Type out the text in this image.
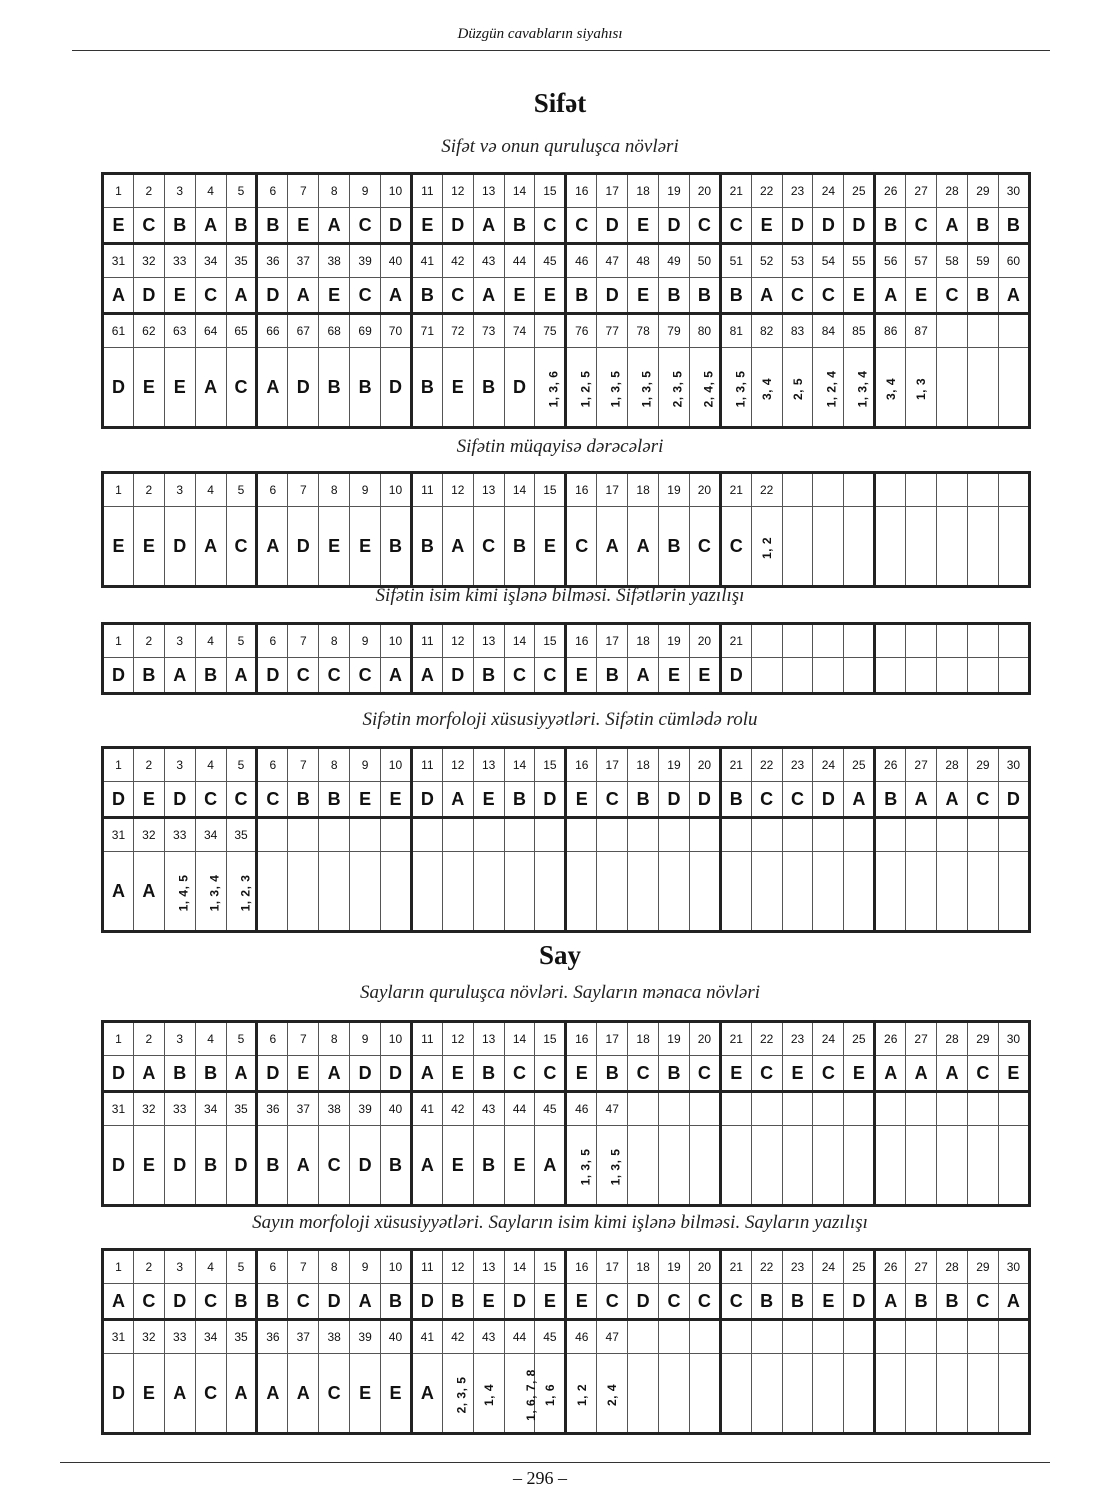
Düzgün cavabların siyahısı
Sifət
Sifət və onun quruluşca növləri
1	2	3	4	5	6	7	8	9	10	11	12	13	14	15	16	17	18	19	20	21	22	23	24	25	26	27	28	29	30
E	C	B	A	B	B	E	A	C	D	E	D	A	B	C	C	D	E	D	C	C	E	D	D	D	B	C	A	B	B
31	32	33	34	35	36	37	38	39	40	41	42	43	44	45	46	47	48	49	50	51	52	53	54	55	56	57	58	59	60
A	D	E	C	A	D	A	E	C	A	B	C	A	E	E	B	D	E	B	B	B	A	C	C	E	A	E	C	B	A
61	62	63	64	65	66	67	68	69	70	71	72	73	74	75	76	77	78	79	80	81	82	83	84	85	86	87			
D	E	E	A	C	A	D	B	B	D	B	E	B	D	1, 3, 6	1, 2, 5	1, 3, 5	1, 3, 5	2, 3, 5	2, 4, 5	1, 3, 5	3, 4	2, 5	1, 2, 4	1, 3, 4	3, 4	1, 3			
Sifətin müqayisə dərəcələri
1	2	3	4	5	6	7	8	9	10	11	12	13	14	15	16	17	18	19	20	21	22								
E	E	D	A	C	A	D	E	E	B	B	A	C	B	E	C	A	A	B	C	C	1, 2								
Sifətin isim kimi işlənə bilməsi. Sifətlərin yazılışı
1	2	3	4	5	6	7	8	9	10	11	12	13	14	15	16	17	18	19	20	21									
D	B	A	B	A	D	C	C	C	A	A	D	B	C	C	E	B	A	E	E	D									
Sifətin morfoloji xüsusiyyətləri. Sifətin cümlədə rolu
1	2	3	4	5	6	7	8	9	10	11	12	13	14	15	16	17	18	19	20	21	22	23	24	25	26	27	28	29	30
D	E	D	C	C	C	B	B	E	E	D	A	E	B	D	E	C	B	D	D	B	C	C	D	A	B	A	A	C	D
31	32	33	34	35																									
A	A	1, 4, 5	1, 3, 4	1, 2, 3																									
Say
Sayların quruluşca növləri. Sayların mənaca növləri
1	2	3	4	5	6	7	8	9	10	11	12	13	14	15	16	17	18	19	20	21	22	23	24	25	26	27	28	29	30
D	A	B	B	A	D	E	A	D	D	A	E	B	C	C	E	B	C	B	C	E	C	E	C	E	A	A	A	C	E
31	32	33	34	35	36	37	38	39	40	41	42	43	44	45	46	47													
D	E	D	B	D	B	A	C	D	B	A	E	B	E	A	1, 3, 5	1, 3, 5													
Sayın morfoloji xüsusiyyətləri. Sayların isim kimi işlənə bilməsi. Sayların yazılışı
1	2	3	4	5	6	7	8	9	10	11	12	13	14	15	16	17	18	19	20	21	22	23	24	25	26	27	28	29	30
A	C	D	C	B	B	C	D	A	B	D	B	E	D	E	E	C	D	C	C	C	B	B	E	D	A	B	B	C	A
31	32	33	34	35	36	37	38	39	40	41	42	43	44	45	46	47													
D	E	A	C	A	A	A	C	E	E	A	2, 3, 5	1, 4	1, 6, 7, 8	1, 6	1, 2	2, 4													
– 296 –
